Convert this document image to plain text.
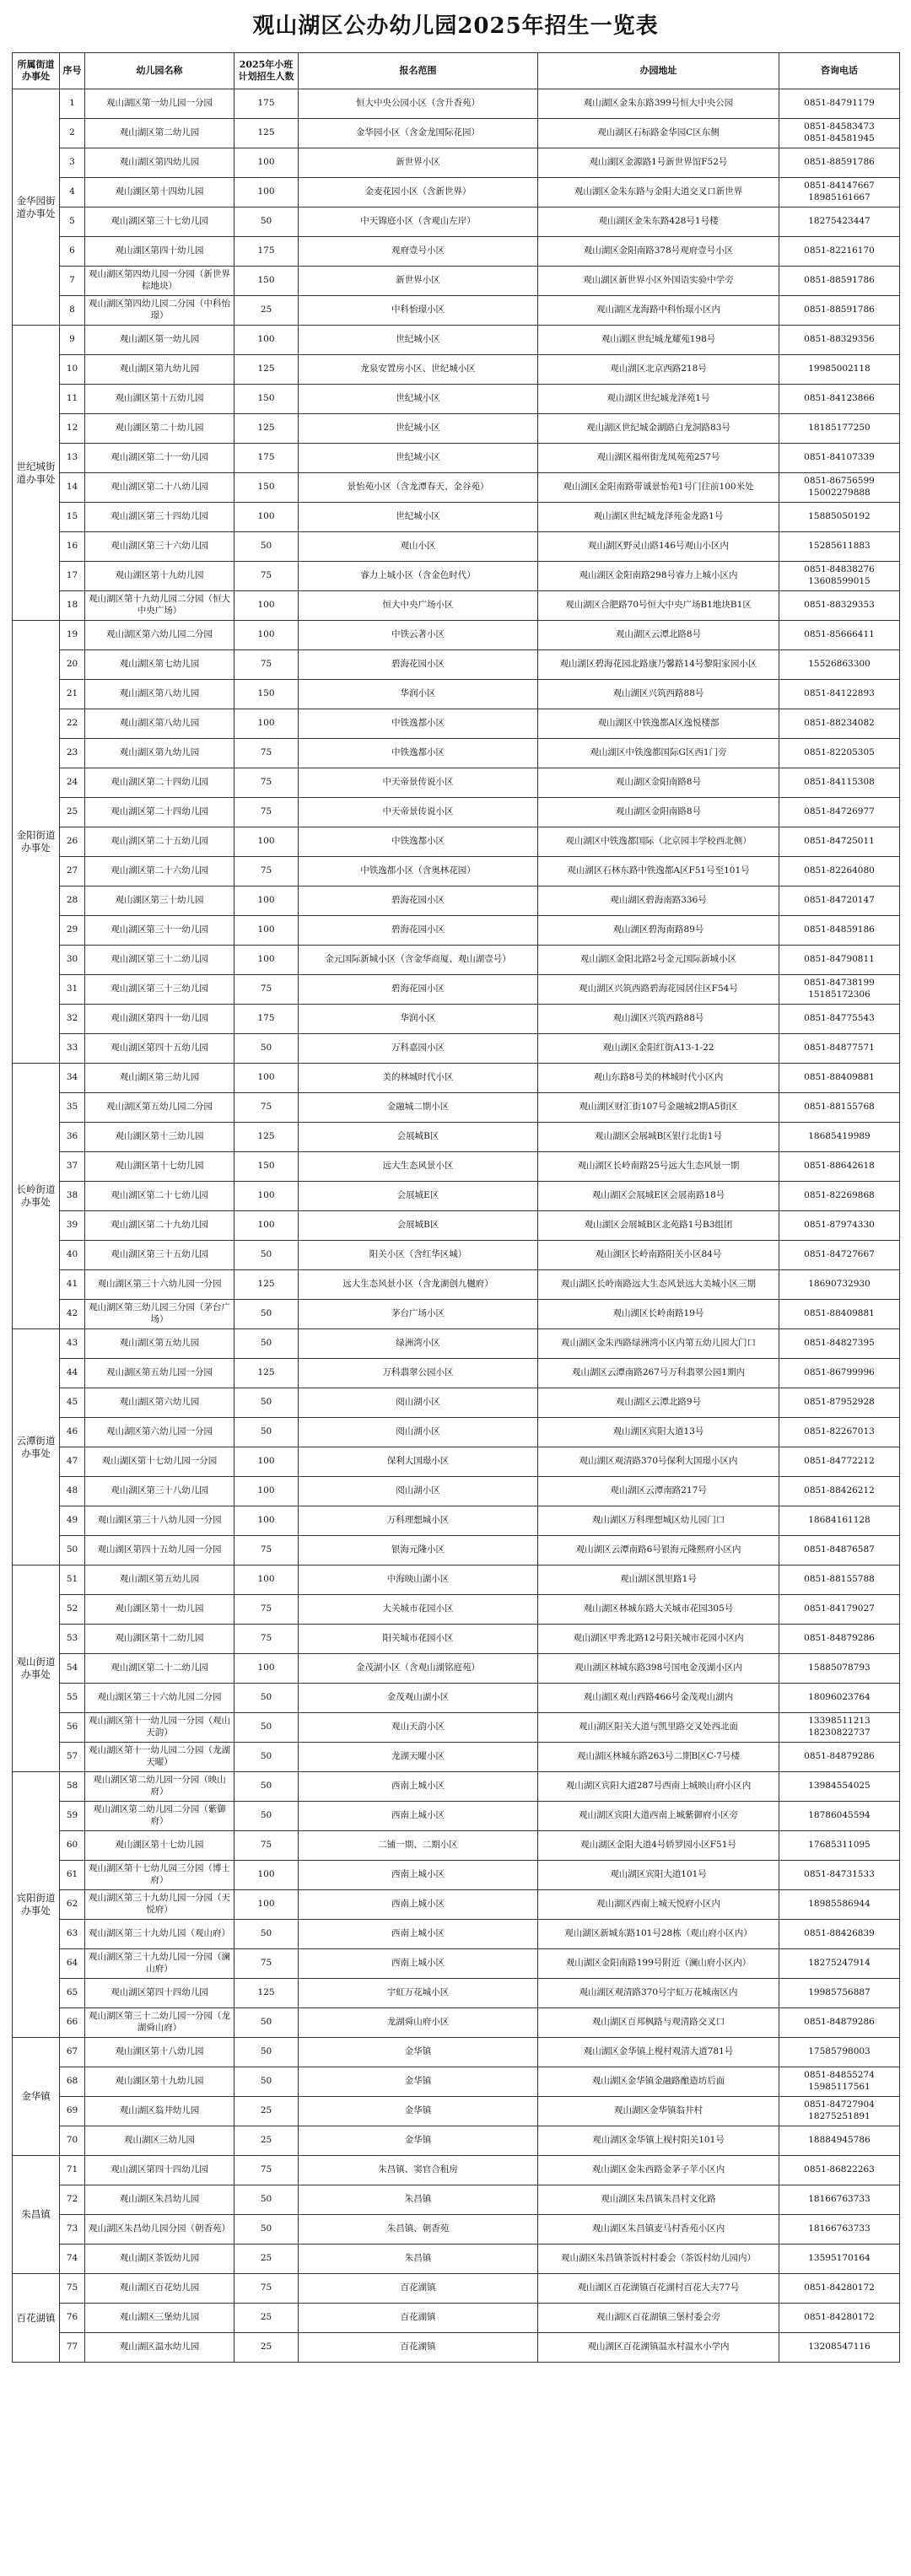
观山湖区公办幼儿园2025年招生一览表
所属街道办事处	序号	幼儿园名称	2025年小班计划招生人数	报名范围	办园地址	咨询电话
金华园街道办事处	1	观山湖区第一幼儿园一分园	175	恒大中央公园小区（含升香苑）	观山湖区金朱东路399号恒大中央公园	0851-84791179
	2	观山湖区第二幼儿园	125	金华园小区（含金龙国际花园）	观山湖区石标路金华园C区东侧	0851-84583473
0851-84581945
	3	观山湖区第四幼儿园	100	新世界小区	观山湖区金源路1号新世界馆F52号	0851-88591786
	4	观山湖区第十四幼儿园	100	金麦花园小区（含新世界）	观山湖区金朱东路与金阳大道交叉口新世界	0851-84147667
18985161667
	5	观山湖区第三十七幼儿园	50	中天锦庭小区（含观山左岸）	观山湖区金朱东路428号1号楼	18275423447
	6	观山湖区第四十幼儿园	175	观府壹号小区	观山湖区金阳南路378号观府壹号小区	0851-82216170
	7	观山湖区第四幼儿园一分园（新世界棕地块）	150	新世界小区	观山湖区新世界小区外国语实验中学旁	0851-88591786
	8	观山湖区第四幼儿园二分园（中科怡璟）	25	中科怡璟小区	观山湖区龙海路中科怡璟小区内	0851-88591786
世纪城街道办事处	9	观山湖区第一幼儿园	100	世纪城小区	观山湖区世纪城龙耀苑198号	0851-88329356
	10	观山湖区第九幼儿园	125	龙泉安置房小区、世纪城小区	观山湖区北京西路218号	19985002118
	11	观山湖区第十五幼儿园	150	世纪城小区	观山湖区世纪城龙泽苑1号	0851-84123866
	12	观山湖区第二十幼儿园	125	世纪城小区	观山湖区世纪城金湖路白龙洞路83号	18185177250
	13	观山湖区第二十一幼儿园	175	世纪城小区	观山湖区福州街龙凤苑苑257号	0851-84107339
	14	观山湖区第二十八幼儿园	150	景怡苑小区（含龙潭春天、金谷苑）	观山湖区金阳南路带诚景怡苑1号门往前100米处	0851-86756599
15002279888
	15	观山湖区第三十四幼儿园	100	世纪城小区	观山湖区世纪城龙泽苑金龙路1号	15885050192
	16	观山湖区第三十六幼儿园	50	观山小区	观山湖区野灵山路146号观山小区内	15285611883
	17	观山湖区第十九幼儿园	75	睿力上城小区（含金色时代）	观山湖区金阳南路298号睿力上城小区内	0851-84838276
13608599015
	18	观山湖区第十九幼儿园二分园（恒大中央广场）	100	恒大中央广场小区	观山湖区合肥路70号恒大中央广场B1地块B1区	0851-88329353
金阳街道办事处	19	观山湖区第六幼儿园二分园	100	中铁云著小区	观山湖区云潭北路8号	0851-85666411
	20	观山湖区第七幼儿园	75	碧海花园小区	观山湖区碧海花园北路康乃馨路14号黎阳家园小区	15526863300
	21	观山湖区第八幼儿园	150	华润小区	观山湖区兴筑西路88号	0851-84122893
	22	观山湖区第八幼儿园	100	中铁逸都小区	观山湖区中铁逸都A区逸悦楼部	0851-88234082
	23	观山湖区第九幼儿园	75	中铁逸都小区	观山湖区中铁逸都国际G区西1门旁	0851-82205305
	24	观山湖区第二十四幼儿园	75	中天帝景传说小区	观山湖区金阳南路8号	0851-84115308
	25	观山湖区第二十四幼儿园	75	中天帝景传说小区	观山湖区金阳南路8号	0851-84726977
	26	观山湖区第二十五幼儿园	100	中铁逸都小区	观山湖区中铁逸都国际（北京园丰学校西北侧）	0851-84725011
	27	观山湖区第二十六幼儿园	75	中铁逸都小区（含奥林花园）	观山湖区石林东路中铁逸都A区F51号至101号	0851-82264080
	28	观山湖区第三十幼儿园	100	碧海花园小区	观山湖区碧海南路336号	0851-84720147
	29	观山湖区第三十一幼儿园	100	碧海花园小区	观山湖区碧海南路89号	0851-84859186
	30	观山湖区第三十二幼儿园	100	金元国际新城小区（含金华商厦、观山湖壹号）	观山湖区金阳北路2号金元国际新城小区	0851-84790811
	31	观山湖区第三十三幼儿园	75	碧海花园小区	观山湖区兴筑西路碧海花园居住区F54号	0851-84738199
15185172306
	32	观山湖区第四十一幼儿园	175	华润小区	观山湖区兴筑西路88号	0851-84775543
	33	观山湖区第四十五幼儿园	50	万科嘉园小区	观山湖区金阳红街A13-1-22	0851-84877571
长岭街道办事处	34	观山湖区第三幼儿园	100	美的林城时代小区	观山东路8号美的林城时代小区内	0851-88409881
	35	观山湖区第五幼儿园二分园	75	金融城二期小区	观山湖区财汇街107号金融城2期A5街区	0851-88155768
	36	观山湖区第十三幼儿园	125	会展城B区	观山湖区会展城B区银行北街1号	18685419989
	37	观山湖区第十七幼儿园	150	远大生态风景小区	观山湖区长岭南路25号远大生态风景一期	0851-88642618
	38	观山湖区第二十七幼儿园	100	会展城E区	观山湖区会展城E区会展南路18号	0851-82269868
	39	观山湖区第二十九幼儿园	100	会展城B区	观山湖区会展城B区北苑路1号B3组团	0851-87974330
	40	观山湖区第三十五幼儿园	50	阳关小区（含红华区城）	观山湖区长岭南路阳关小区84号	0851-84727667
	41	观山湖区第三十六幼儿园一分园	125	远大生态风景小区（含龙湖创九樾府）	观山湖区长岭南路远大生态风景远大美城小区三期	18690732930
	42	观山湖区第三幼儿园三分园（茅台广场）	50	茅台广场小区	观山湖区长岭南路19号	0851-88409881
云潭街道办事处	43	观山湖区第五幼儿园	50	绿洲湾小区	观山湖区金朱西路绿洲湾小区内第五幼儿园大门口	0851-84827395
	44	观山湖区第五幼儿园一分园	125	万科翡翠公园小区	观山湖区云潭南路267号万科翡翠公园1期内	0851-86799996
	45	观山湖区第六幼儿园	50	阅山湖小区	观山湖区云潭北路9号	0851-87952928
	46	观山湖区第六幼儿园一分园	50	阅山湖小区	观山湖区宾阳大道13号	0851-82267013
	47	观山湖区第十七幼儿园一分园	100	保利大国璟小区	观山湖区观清路370号保利大国璟小区内	0851-84772212
	48	观山湖区第三十八幼儿园	100	阅山湖小区	观山湖区云潭南路217号	0851-88426212
	49	观山湖区第三十八幼儿园一分园	100	万科理想城小区	观山湖区万科理想城区幼儿园门口	18684161128
	50	观山湖区第四十五幼儿园一分园	75	银海元隆小区	观山湖区云潭南路6号银海元隆熙府小区内	0851-84876587
观山街道办事处	51	观山湖区第五幼儿园	100	中海映山湖小区	观山湖区凯里路1号	0851-88155788
	52	观山湖区第十一幼儿园	75	大关城市花园小区	观山湖区林城东路大关城市花园305号	0851-84179027
	53	观山湖区第十二幼儿园	75	阳关城市花园小区	观山湖区甲秀北路12号阳关城市花园小区内	0851-84879286
	54	观山湖区第二十二幼儿园	100	金茂湖小区（含观山湖铭庭苑）	观山湖区林城东路398号国电金茂湖小区内	15885078793
	55	观山湖区第三十六幼儿园二分园	50	金茂观山湖小区	观山湖区观山西路466号金茂观山湖内	18096023764
	56	观山湖区第十一幼儿园一分园（观山天韵）	50	观山天韵小区	观山湖区阳关大道与凯里路交叉处西北面	13398511213
18230822737
	57	观山湖区第十一幼儿园二分园（龙湖天曜）	50	龙湖天曜小区	观山湖区林城东路263号二期B区C-7号楼	0851-84879286
宾阳街道办事处	58	观山湖区第二幼儿园一分园（映山府）	50	西南上城小区	观山湖区宾阳大道287号西南上城映山府小区内	13984554025
	59	观山湖区第二幼儿园二分园（紫御府）	50	西南上城小区	观山湖区宾阳大道西南上城紫御府小区旁	18786045594
	60	观山湖区第十七幼儿园	75	二铺一期、二期小区	观山湖区金阳大道4号轿罗园小区F51号	17685311095
	61	观山湖区第十七幼儿园三分园（博士府）	100	西南上城小区	观山湖区宾阳大道101号	0851-84731533
	62	观山湖区第三十九幼儿园一分园（天悦府）	100	西南上城小区	观山湖区西南上城天悦府小区内	18985586944
	63	观山湖区第三十九幼儿园（观山府）	50	西南上城小区	观山湖区新城东路101号28栋（观山府小区内）	0851-88426839
	64	观山湖区第三十九幼儿园一分园（澜山府）	75	西南上城小区	观山湖区金阳南路199号附近（澜山府小区内）	18275247914
	65	观山湖区第四十四幼儿园	125	宇虹万花城小区	观山湖区观清路370号宇虹万花城南区内	19985756887
	66	观山湖区第三十二幼儿园一分园（龙湖舜山府）	50	龙湖舜山府小区	观山湖区百邦枫路与观清路交叉口	0851-84879286
金华镇	67	观山湖区第十八幼儿园	50	金华镇	观山湖区金华镇上枧村观清大道781号	17585798003
	68	观山湖区第十九幼儿园	50	金华镇	观山湖区金华镇金融路酿造坊后面	0851-84855274
15985117561
	69	观山湖区翁井幼儿园	25	金华镇	观山湖区金华镇翁井村	0851-84727904
18275251891
	70	观山湖区三幼儿园	25	金华镇	观山湖区金华镇上枧村阳关101号	18884945786
朱昌镇	71	观山湖区第四十四幼儿园	75	朱昌镇、窦官合租房	观山湖区金朱西路金茅子苹小区内	0851-86822263
	72	观山湖区朱昌幼儿园	50	朱昌镇	观山湖区朱昌镇朱昌村文化路	18166763733
	73	观山湖区朱昌幼儿园分园（朝香苑）	50	朱昌镇、朝香苑	观山湖区朱昌镇麦马村香苑小区内	18166763733
	74	观山湖区茶饭幼儿园	25	朱昌镇	观山湖区朱昌镇茶饭村村委会（茶饭村幼儿园内）	13595170164
百花湖镇	75	观山湖区百花幼儿园	75	百花湖镇	观山湖区百花湖镇百花湖村百花大夫77号	0851-84280172
	76	观山湖区三堡幼儿园	25	百花湖镇	观山湖区百花湖镇三堡村委会旁	0851-84280172
	77	观山湖区温水幼儿园	25	百花湖镇	观山湖区百花湖镇温水村温水小学内	13208547116
